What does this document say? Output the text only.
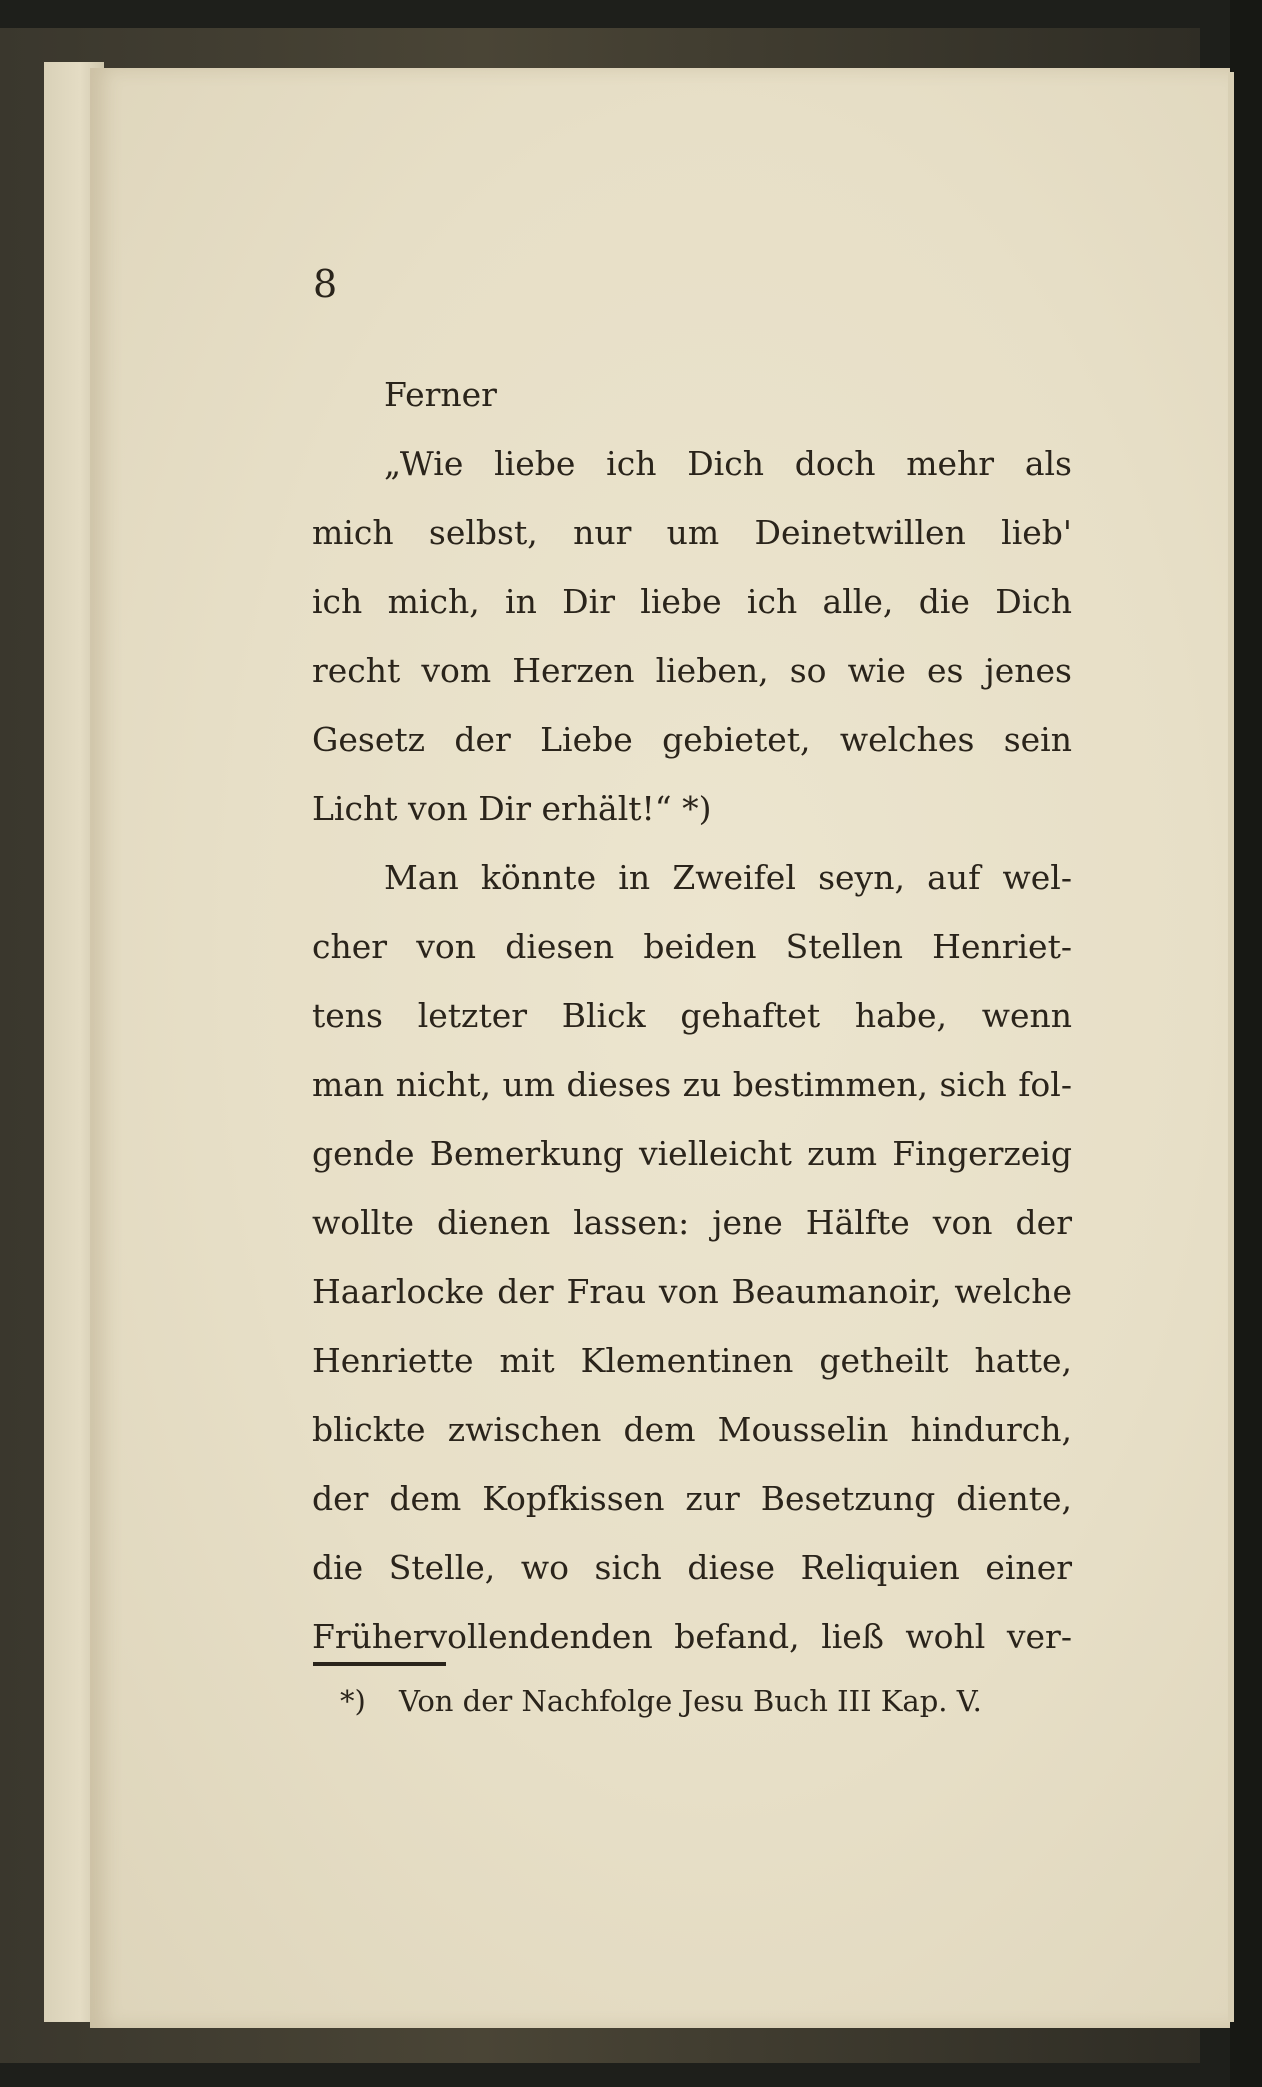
8
Ferner
„Wie liebe ich Dich doch mehr als
mich selbst, nur um Deinetwillen lieb'
ich mich, in Dir liebe ich alle, die Dich
recht vom Herzen lieben, so wie es jenes
Gesetz der Liebe gebietet, welches sein
Licht von Dir erhält!“ *)
Man könnte in Zweifel seyn, auf wel-
cher von diesen beiden Stellen Henriet-
tens letzter Blick gehaftet habe, wenn
man nicht, um dieses zu bestimmen, sich fol-
gende Bemerkung vielleicht zum Fingerzeig
wollte dienen lassen: jene Hälfte von der
Haarlocke der Frau von Beaumanoir, welche
Henriette mit Klementinen getheilt hatte,
blickte zwischen dem Mousselin hindurch,
der dem Kopfkissen zur Besetzung diente,
die Stelle, wo sich diese Reliquien einer
Frühervollendenden befand, ließ wohl ver-
*) Von der Nachfolge Jesu Buch III Kap. V.
